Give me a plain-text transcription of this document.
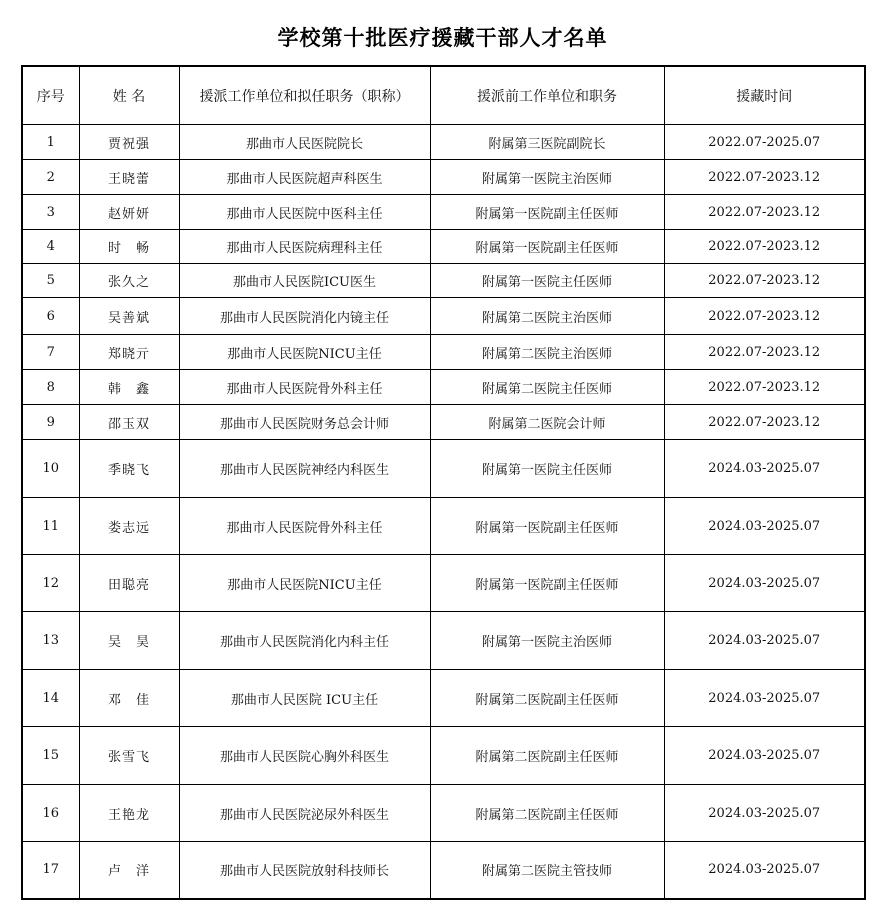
学校第十批医疗援藏干部人才名单
序号	姓 名	援派工作单位和拟任职务（职称）	援派前工作单位和职务	援藏时间
1	贾祝强	那曲市人民医院院长	附属第三医院副院长	2022.07-2025.07
2	王晓蕾	那曲市人民医院超声科医生	附属第一医院主治医师	2022.07-2023.12
3	赵妍妍	那曲市人民医院中医科主任	附属第一医院副主任医师	2022.07-2023.12
4	时　畅	那曲市人民医院病理科主任	附属第一医院副主任医师	2022.07-2023.12
5	张久之	那曲市人民医院ICU医生	附属第一医院主任医师	2022.07-2023.12
6	吴善斌	那曲市人民医院消化内镜主任	附属第二医院主治医师	2022.07-2023.12
7	郑晓亓	那曲市人民医院NICU主任	附属第二医院主治医师	2022.07-2023.12
8	韩　鑫	那曲市人民医院骨外科主任	附属第二医院主任医师	2022.07-2023.12
9	邵玉双	那曲市人民医院财务总会计师	附属第二医院会计师	2022.07-2023.12
10	季晓飞	那曲市人民医院神经内科医生	附属第一医院主任医师	2024.03-2025.07
11	娄志远	那曲市人民医院骨外科主任	附属第一医院副主任医师	2024.03-2025.07
12	田聪亮	那曲市人民医院NICU主任	附属第一医院副主任医师	2024.03-2025.07
13	吴　昊	那曲市人民医院消化内科主任	附属第一医院主治医师	2024.03-2025.07
14	邓　佳	那曲市人民医院 ICU主任	附属第二医院副主任医师	2024.03-2025.07
15	张雪飞	那曲市人民医院心胸外科医生	附属第二医院副主任医师	2024.03-2025.07
16	王艳龙	那曲市人民医院泌尿外科医生	附属第二医院副主任医师	2024.03-2025.07
17	卢　洋	那曲市人民医院放射科技师长	附属第二医院主管技师	2024.03-2025.07
